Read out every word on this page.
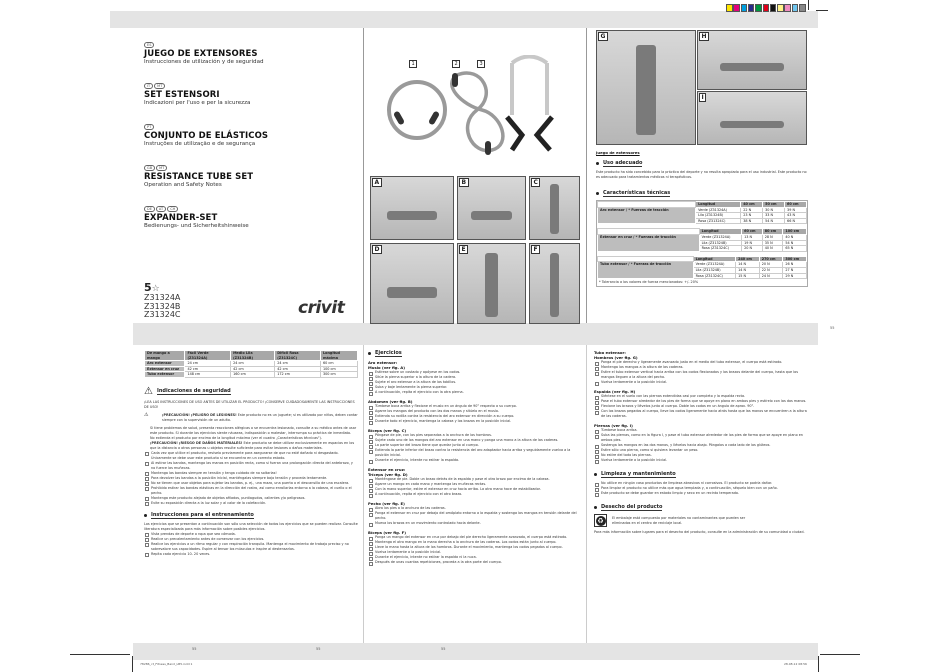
ES
JUEGO DE EXTENSORES
Instrucciones de utilización y de seguridad
IT MT
SET ESTENSORI
Indicazioni per l'uso e per la sicurezza
PT
CONJUNTO DE ELÁSTICOS
Instruções de utilização e de segurança
GB MT
RESISTANCE TUBE SET
Operation and Safety Notes
DE AT CH
EXPANDER-SET
Bedienungs- und Sicherheitshinweise
5☆
Z31324A
Z31324B
Z31324C	crivit
1	2	3
A	B	C
D	E	F
G	H
I
Juego de extensores
Uso adecuado
Este producto ha sido concebido para la práctica del deporte y no resulta apropiado para el uso industrial. Este producto no es adecuado para tratamientos médicos ni terapéuticos.
Características técnicas
	Longitud	40 cm	50 cm	60 cm
Aro extensor / * Fuerzas de tracción	Verde (Z31324A)	22 N	30 N	39 N
	Lila (Z31324B)	23 N	33 N	43 N
	Rosa (Z31324C)	38 N	54 N	66 N
	Longitud	60 cm	80 cm	100 cm
Extensor en cruz / * Fuerzas de tracción	Verde (Z31324A)	13 N	28 N	40 N
	Lila (Z31324B)	19 N	35 N	54 N
	Rosa (Z31324C)	20 N	40 N	65 N
	Longitud	240 cm	270 cm	300 cm
Tubo extensor / * Fuerzas de tracción	Verde (Z31324A)	14 N	20 N	26 N
	Lila (Z31324B)	14 N	22 N	27 N
	Rosa (Z31324C)	15 N	24 N	29 N
* Tolerancia a los valores de fuerza mencionados: +/- 20%
55
De mango a mango	Fácil Verde (Z31324A)	Medio Lila (Z31324B)	Difícil Rosa (Z31324C)	Longitud máxima
Aro extensor	24 cm	24 cm	24 cm	60 cm
Extensor en cruz	42 cm	42 cm	42 cm	100 cm
Tubo extensor	148 cm	160 cm	172 cm	300 cm
⚠ Indicaciones de seguridad
¡LEA LAS INSTRUCCIONES DE USO ANTES DE UTILIZAR EL PRODUCTO! ¡CONSERVE CUIDADOSAMENTE LAS INSTRUCCIONES DE USO!
⚠	¡PRECAUCIÓN! ¡PELIGRO DE LESIONES! Este producto no es un juguete; si es utilizado por niños, deben contar siempre con la supervisión de un adulto.
Si tiene problemas de salud, presenta reacciones alérgicas o se encuentra lesionado, consulte a su médico antes de usar este producto. Si durante los ejercicios siente náuseas, indisposición o malestar, interrumpa su práctica de inmediato.
No extienda el producto por encima de la longitud máxima (ver el cuadro „Características técnicas").
¡PRECAUCIÓN! ¡RIESGO DE DAÑOS MATERIALES! Este producto se debe utilizar exclusivamente en espacios en los que la distancia a otras personas u objetos resulte suficiente para evitar lesiones o daños materiales.
Cada vez que utilice el producto, revíselo previamente para asegurarse de que no esté dañado ni desgastado. Únicamente se debe usar este producto si se encuentra en un correcto estado.
Al estirar las bandas, mantenga las manos en posición recta, como si fueran una prolongación directa del antebrazo, y no fuerce las muñecas.
Mantenga las bandas siempre en tensión y tenga cuidado de no soltarlas!
Para devolver las bandas a la posición inicial, manténgalas siempre bajo tensión y proceda lentamente.
No se tienen que usar objetos para sujetar las bandas, p. ej., una maza, una puerta o el descansillo de una escalera.
Prohibido estirar las bandas elásticas en la dirección del rostro, así como enrollarlas entorno a la cabeza, el cuello o el pecho.
Mantenga este producto alejado de objetos afilados, puntiagudos, calientes y/o peligrosos.
Evite su exposición directa a la luz solar y al calor de la calefacción.
Instrucciones para el entrenamiento
Los ejercicios que se presentan a continuación son sólo una selección de todos los ejercicios que se pueden realizar. Consulte literatura especializada para más información sobre posibles ejercicios.
Vista prendas de deporte o ropa que sea cómoda.
Realice un precalentamiento antes de comenzar con los ejercicios.
Realice los ejercicios a un ritmo regular y con respiración tranquila. Mantenga el movimiento de trabajo preciso y no sobrevalore sus capacidades. Espire al tensar los músculos e inspire al destensarlos.
Repita cada ejercicio 10- 20 veces.
Ejercicios
Aro extensor:
Muslo (ver fig. A)
Estírese sobre un costado y apóyese en los codos.
Sitúe la pierna superior a la altura de la cadera.
Sujete el aro extensor a la altura de los tobillos.
Suba y baje lentamente la pierna superior.
A continuación, repita el ejercicio con la otra pierna.
Abdomen (ver fig. B)
Túmbese boca arriba y flexione el muslo en un ángulo de 90° respecto a su cuerpo.
Agarre los mangos del producto con las dos manos y sitúelo en el muslo.
Extienda su rodilla contra la resistencia del aro extensor en dirección a su cuerpo.
Durante todo el ejercicio, mantenga la cabeza y los brazos en la posición inicial.
Bíceps (ver fig. C)
Póngase de pie, con los pies separados a la anchura de los hombros.
Sujete cada uno de los mangos del aro extensor en una mano y ponga una mano a la altura de las caderas.
La parte superior del brazo tiene que quedar junto al cuerpo.
Extienda la parte inferior del brazo contra la resistencia del aro adaptador hacia arriba y seguidamente vuelva a la posición inicial.
Durante el ejercicio, intente no estirar la espalda.
Extensor en cruz:
Tríceps (ver fig. D)
Manténgase de pie. Doble un brazo detrás de la espalda y pase el otro brazo por encima de la cabeza.
Agarre un mango en cada mano y mantenga las muñecas rectas.
Con la mano superior, estire el extensor en cruz hacia arriba. La otra mano hace de estabilizador.
A continuación, repita el ejercicio con el otro brazo.
Pecho (ver fig. E)
Abra los pies a la anchura de las caderas.
Ponga el extensor en cruz por debajo del omóplato entorno a la espalda y sostenga los mangos en tensión delante del pecho.
Mueva los brazos en un movimiento controlado hacia delante.
Bíceps (ver fig. F)
Ponga un mango del extensor en cruz por debajo del pie derecho ligeramente avanzado, el cuerpo está estirado.
Mantenga el otro mango en la mano derecha a la anchura de las caderas. Los codos están junto al cuerpo.
Lleve la mano hasta la altura de los hombros. Durante el movimiento, mantenga los codos pegados al cuerpo.
Vuelva lentamente a la posición inicial.
Durante el ejercicio, intente no estirar la espalda ni la nuca.
Después de unas cuantas repeticiones, proceda a la otra parte del cuerpo.
Tubo extensor:
Hombros (ver fig. G)
Ponga el pie derecho y ligeramente avanzado justo en el medio del tubo extensor, el cuerpo está estirado.
Mantenga los mangos a la altura de las caderas.
Estire el tubo extensor vertical hacia arriba con los codos flexionados y los brazos delante del cuerpo, hasta que los mangos lleguen a la altura del pecho.
Vuelva lentamente a la posición inicial.
Espalda (ver fig. H)
Siéntese en el suelo con las piernas extendidas casi por completo y la espalda recta.
Pase el tubo extensor alrededor de los pies de forma que se apoye en plano en ambos pies y estírelo con las dos manos.
Flexione los brazos y llévelos junto al cuerpo. Doble los codos en un ángulo de aprox. 90°.
Con los brazos pegados al cuerpo, lleve los codos ligeramente hacia atrás hasta que las manos se encuentren a la altura de las caderas.
Piernas (ver fig. I)
Túmbese boca arriba.
Suba las piernas, como en la figura I, y pase el tubo extensor alrededor de los pies de forma que se apoye en plano en ambos pies.
Sostenga los mangos en las dos manos, y llévelos hacia abajo. Póngalos a cada lado de los glúteos.
Estire sólo una pierna, como si quisiera levantar un peso.
No estire del todo las piernas.
Vuelva lentamente a la posición inicial.
Limpieza y mantenimiento
No utilice en ningún caso productos de limpieza abrasivos ni corrosivos. El producto se podría dañar.
Para limpiar el producto no utilice más que agua templada y, a continuación, séquelo bien con un paño.
Este producto se debe guardar en estado limpio y seco en un recinto temperado.
Desecho del producto
♻	El embalaje está compuesto por materiales no contaminantes que pueden ser eliminados en el centro de reciclaje local.
Para más información sobre lugares para el desecho del producto, consulte en la administración de su comunidad o ciudad.
55	55	55
78286_ct_Fitness_Band_LB5.indd 1	28.08.12 08:56
